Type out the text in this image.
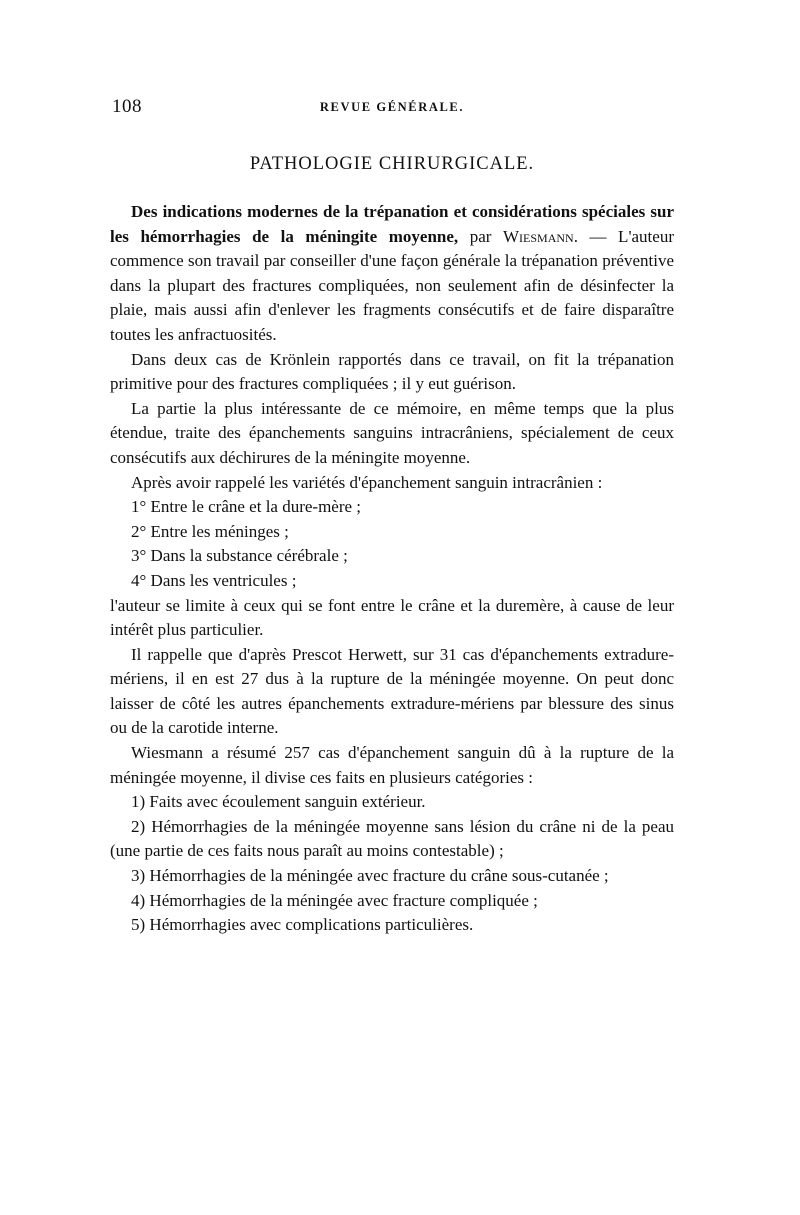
108	REVUE GÉNÉRALE.
PATHOLOGIE CHIRURGICALE.

Des indications modernes de la trépanation et considérations spéciales sur les hémorrhagies de la méningite moyenne, par Wiesmann. — L'auteur commence son travail par conseiller d'une façon générale la trépanation préventive dans la plupart des fractures compliquées, non seulement afin de désinfecter la plaie, mais aussi afin d'enlever les fragments consécutifs et de faire disparaître toutes les anfractuosités.

Dans deux cas de Krönlein rapportés dans ce travail, on fit la trépanation primitive pour des fractures compliquées ; il y eut guérison.

La partie la plus intéressante de ce mémoire, en même temps que la plus étendue, traite des épanchements sanguins intracrâniens, spécialement de ceux consécutifs aux déchirures de la méningite moyenne.

Après avoir rappelé les variétés d'épanchement sanguin intracrânien :

1° Entre le crâne et la dure-mère ;

2° Entre les méninges ;

3° Dans la substance cérébrale ;

4° Dans les ventricules ;

l'auteur se limite à ceux qui se font entre le crâne et la duremère, à cause de leur intérêt plus particulier.

Il rappelle que d'après Prescot Herwett, sur 31 cas d'épanchements extradure-mériens, il en est 27 dus à la rupture de la méningée moyenne. On peut donc laisser de côté les autres épanchements extradure-mériens par blessure des sinus ou de la carotide interne.

Wiesmann a résumé 257 cas d'épanchement sanguin dû à la rupture de la méningée moyenne, il divise ces faits en plusieurs catégories :

1) Faits avec écoulement sanguin extérieur.

2) Hémorrhagies de la méningée moyenne sans lésion du crâne ni de la peau (une partie de ces faits nous paraît au moins contestable) ;

3) Hémorrhagies de la méningée avec fracture du crâne sous-cutanée ;

4) Hémorrhagies de la méningée avec fracture compliquée ;

5) Hémorrhagies avec complications particulières.
